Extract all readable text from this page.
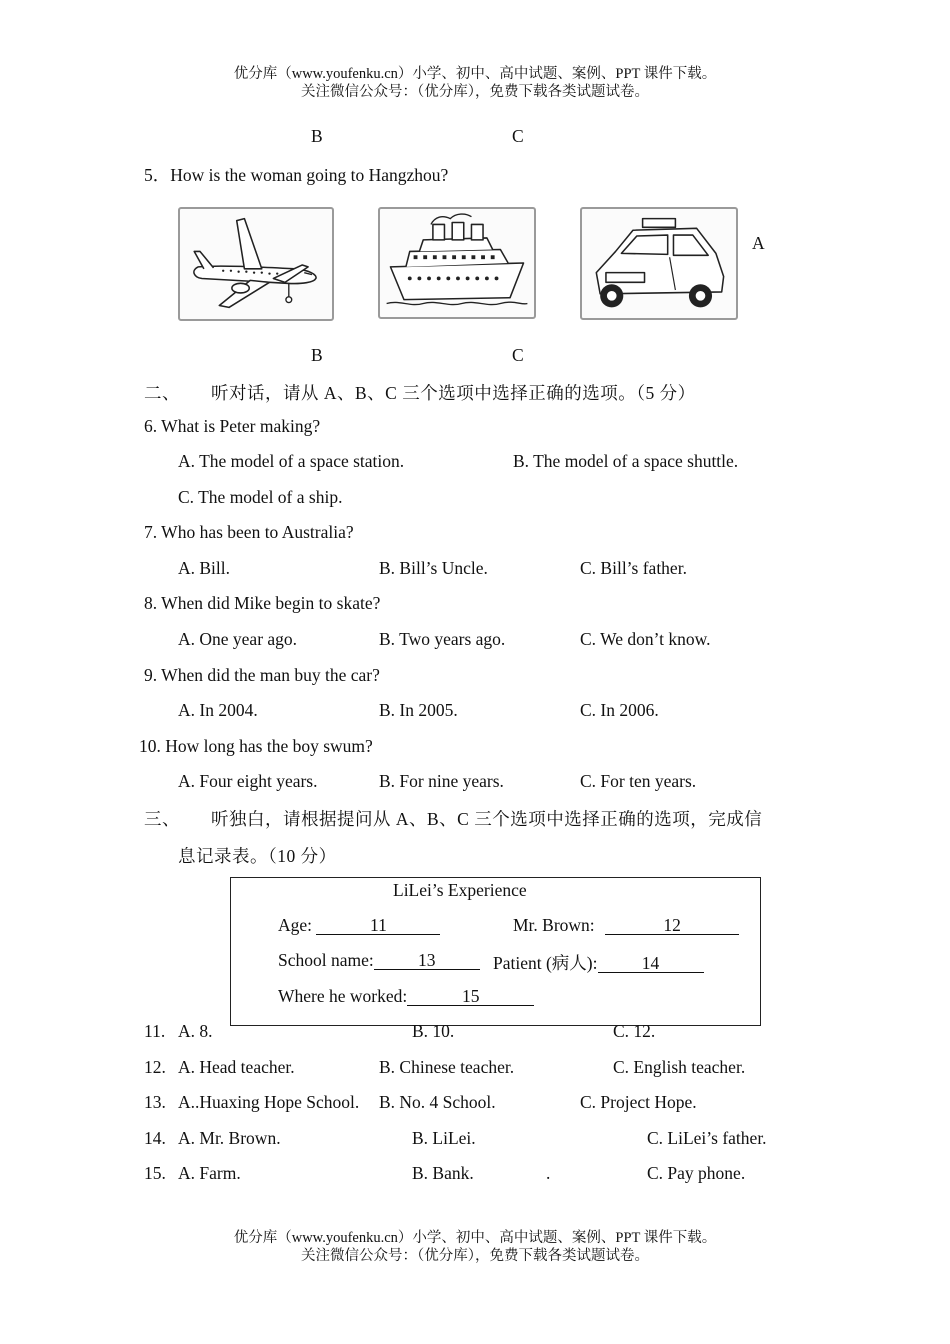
优分库（www.youfenku.cn）小学、初中、高中试题、案例、PPT 课件下载。
关注微信公众号：（优分库），免费下载各类试题试卷。
B	C
5．How is the woman going to Hangzhou?
A
B	C
二、 听对话，请从 A、B、C 三个选项中选择正确的选项。（5 分）
6. What is Peter making?
A. The model of a space station.	B. The model of a space shuttle.
C. The model of a ship.
7. Who has been to Australia?
A. Bill.	B. Bill’s Uncle.	C. Bill’s father.
8. When did Mike begin to skate?
A. One year ago.	B. Two years ago.	C. We don’t know.
9. When did the man buy the car?
A. In 2004.	B. In 2005.	C. In 2006.
10. How long has the boy swum?
A. Four eight years.	B. For nine years.	C. For ten years.
三、 听独白，请根据提问从 A、B、C 三个选项中选择正确的选项，完成信
息记录表。（10 分）
LiLei’s Experience
Age:	11	Mr. Brown:	12
School name:	13	Patient (病人):	14
Where he worked:	15
11. A. 8.	B. 10.	C. 12.
12. A. Head teacher.	B. Chinese teacher.	C. English teacher.
13. A..Huaxing Hope School. B. No. 4 School.	C. Project Hope.
14. A. Mr. Brown.	B. LiLei.	C. LiLei’s father.
15. A. Farm.	B. Bank.	.	C. Pay phone.
优分库（www.youfenku.cn）小学、初中、高中试题、案例、PPT 课件下载。
关注微信公众号：（优分库），免费下载各类试题试卷。
